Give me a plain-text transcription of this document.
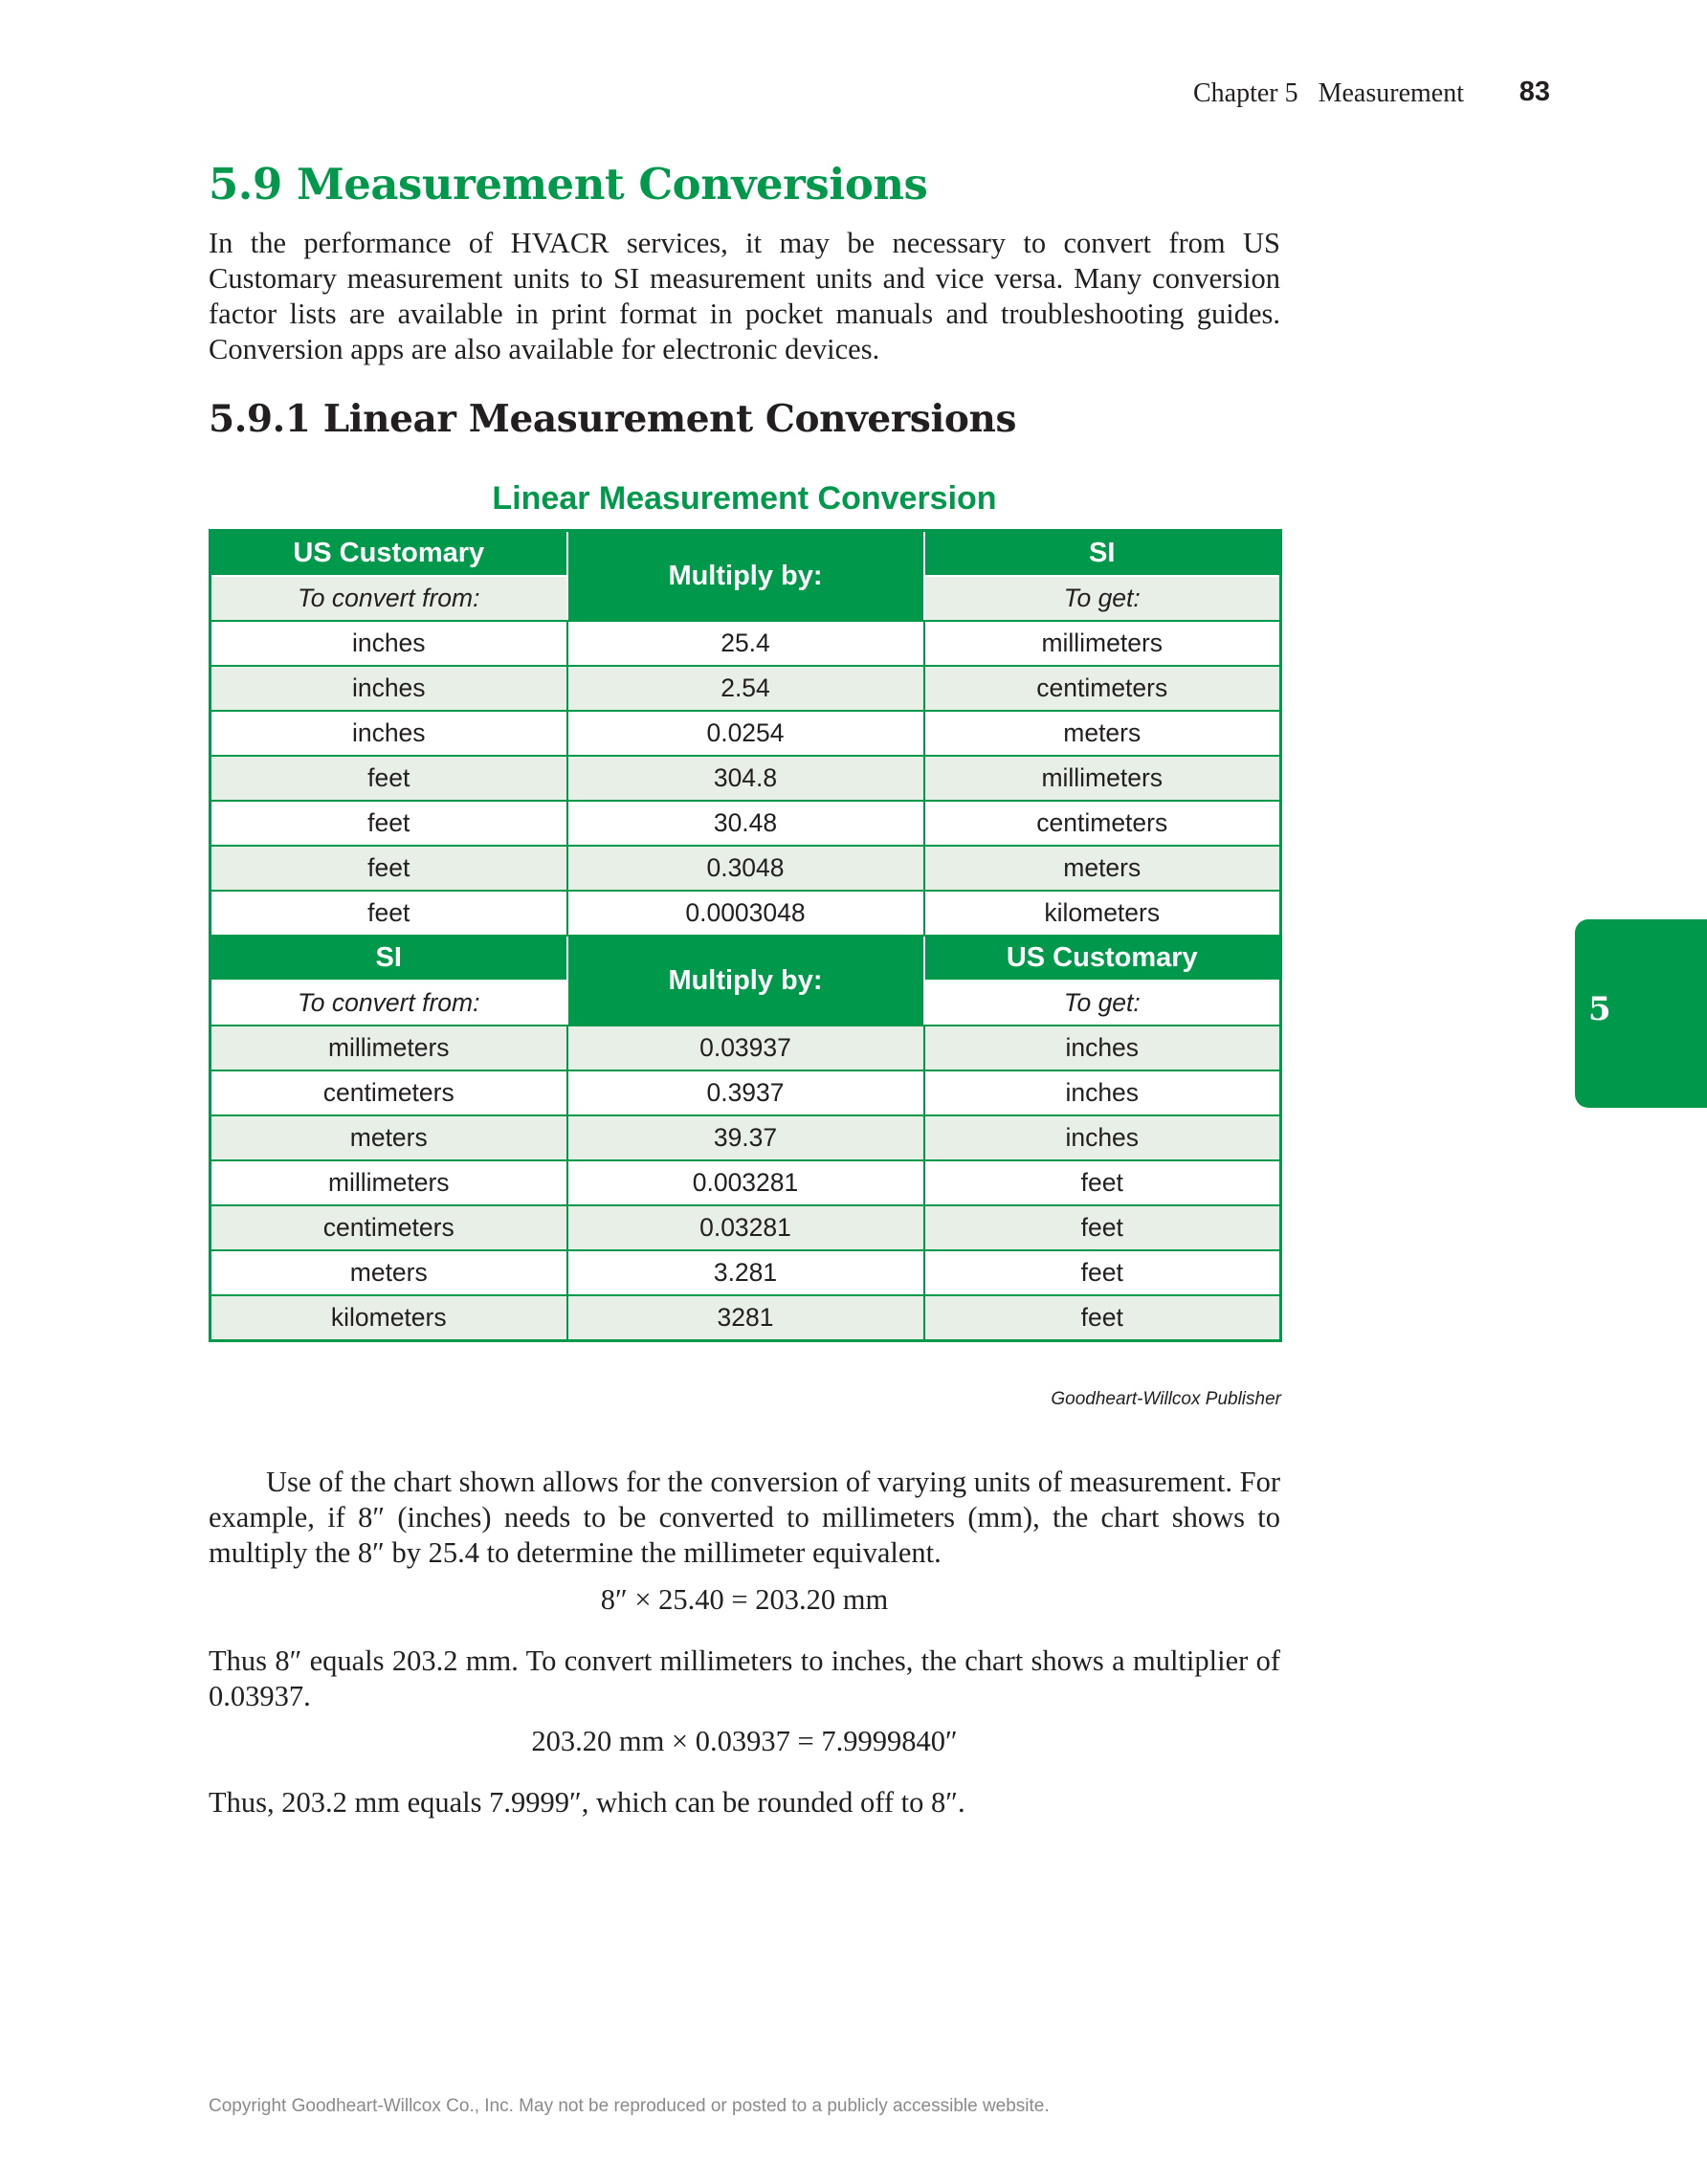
Chapter 5 Measurement 83
5.9 Measurement Conversions

In the performance of HVACR services, it may be necessary to convert from US Customary measurement units to SI measurement units and vice versa. Many conversion factor lists are available in print format in pocket manuals and troubleshooting guides. Conversion apps are also available for electronic devices.

5.9.1 Linear Measurement Conversions
Linear Measurement Conversion
US Customary	Multiply by:	SI
To convert from:		To get:
inches	25.4	millimeters
inches	2.54	centimeters
inches	0.0254	meters
feet	304.8	millimeters
feet	30.48	centimeters
feet	0.3048	meters
feet	0.0003048	kilometers
SI	Multiply by:	US Customary
To convert from:		To get:
millimeters	0.03937	inches
centimeters	0.3937	inches
meters	39.37	inches
millimeters	0.003281	feet
centimeters	0.03281	feet
meters	3.281	feet
kilometers	3281	feet
Goodheart-Willcox Publisher

Use of the chart shown allows for the conversion of varying units of measurement. For example, if 8″ (inches) needs to be converted to millimeters (mm), the chart shows to multiply the 8″ by 25.4 to determine the millimeter equivalent.

8″ × 25.40 = 203.20 mm

Thus 8″ equals 203.2 mm. To convert millimeters to inches, the chart shows a multiplier of 0.03937.

203.20 mm × 0.03937 = 7.9999840″

Thus, 203.2 mm equals 7.9999″, which can be rounded off to 8″.

5
Copyright Goodheart-Willcox Co., Inc. May not be reproduced or posted to a publicly accessible website.
